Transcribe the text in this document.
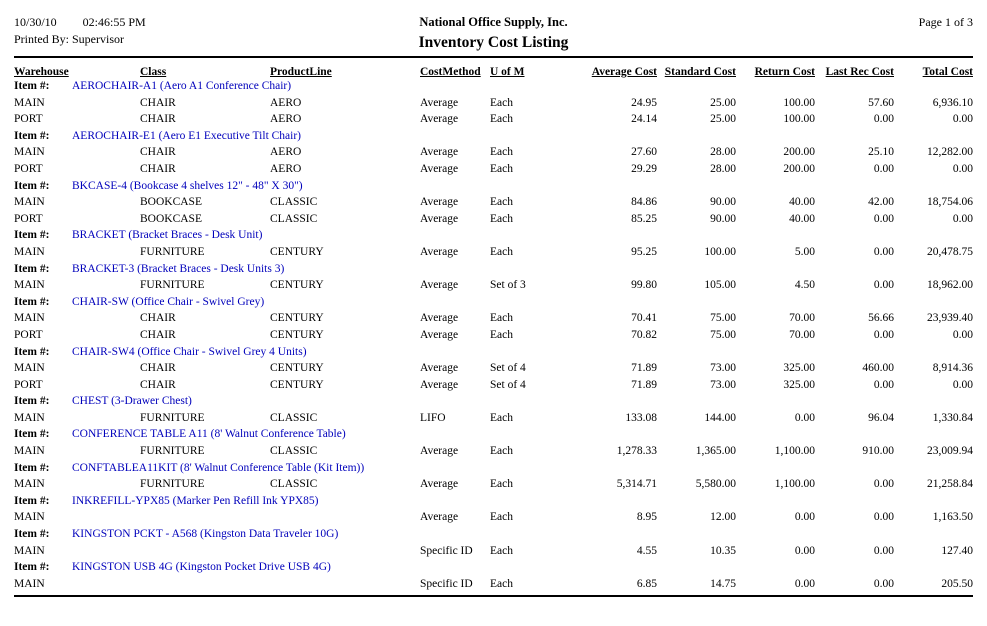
10/30/10 02:46:55 PM
Printed By: Supervisor
National Office Supply, Inc.
Inventory Cost Listing
Page 1 of 3
Warehouse	Class	ProductLine	CostMethod	U of M	Average Cost	Standard Cost	Return Cost	Last Rec Cost	Total Cost
Item #: AEROCHAIR-A1 (Aero A1 Conference Chair)									
MAIN	CHAIR	AERO	Average	Each	24.95	25.00	100.00	57.60	6,936.10
PORT	CHAIR	AERO	Average	Each	24.14	25.00	100.00	0.00	0.00
Item #: AEROCHAIR-E1 (Aero E1 Executive Tilt Chair)									
MAIN	CHAIR	AERO	Average	Each	27.60	28.00	200.00	25.10	12,282.00
PORT	CHAIR	AERO	Average	Each	29.29	28.00	200.00	0.00	0.00
Item #: BKCASE-4 (Bookcase 4 shelves 12" - 48" X 30")									
MAIN	BOOKCASE	CLASSIC	Average	Each	84.86	90.00	40.00	42.00	18,754.06
PORT	BOOKCASE	CLASSIC	Average	Each	85.25	90.00	40.00	0.00	0.00
Item #: BRACKET (Bracket Braces - Desk Unit)									
MAIN	FURNITURE	CENTURY	Average	Each	95.25	100.00	5.00	0.00	20,478.75
Item #: BRACKET-3 (Bracket Braces - Desk Units 3)									
MAIN	FURNITURE	CENTURY	Average	Set of 3	99.80	105.00	4.50	0.00	18,962.00
Item #: CHAIR-SW (Office Chair - Swivel Grey)									
MAIN	CHAIR	CENTURY	Average	Each	70.41	75.00	70.00	56.66	23,939.40
PORT	CHAIR	CENTURY	Average	Each	70.82	75.00	70.00	0.00	0.00
Item #: CHAIR-SW4 (Office Chair - Swivel Grey 4 Units)									
MAIN	CHAIR	CENTURY	Average	Set of 4	71.89	73.00	325.00	460.00	8,914.36
PORT	CHAIR	CENTURY	Average	Set of 4	71.89	73.00	325.00	0.00	0.00
Item #: CHEST (3-Drawer Chest)									
MAIN	FURNITURE	CLASSIC	LIFO	Each	133.08	144.00	0.00	96.04	1,330.84
Item #: CONFERENCE TABLE A11 (8' Walnut Conference Table)									
MAIN	FURNITURE	CLASSIC	Average	Each	1,278.33	1,365.00	1,100.00	910.00	23,009.94
Item #: CONFTABLEA11KIT (8' Walnut Conference Table (Kit Item))									
MAIN	FURNITURE	CLASSIC	Average	Each	5,314.71	5,580.00	1,100.00	0.00	21,258.84
Item #: INKREFILL-YPX85 (Marker Pen Refill Ink YPX85)									
MAIN			Average	Each	8.95	12.00	0.00	0.00	1,163.50
Item #: KINGSTON PCKT - A568 (Kingston Data Traveler 10G)									
MAIN			Specific ID	Each	4.55	10.35	0.00	0.00	127.40
Item #: KINGSTON USB 4G (Kingston Pocket Drive USB 4G)									
MAIN			Specific ID	Each	6.85	14.75	0.00	0.00	205.50
